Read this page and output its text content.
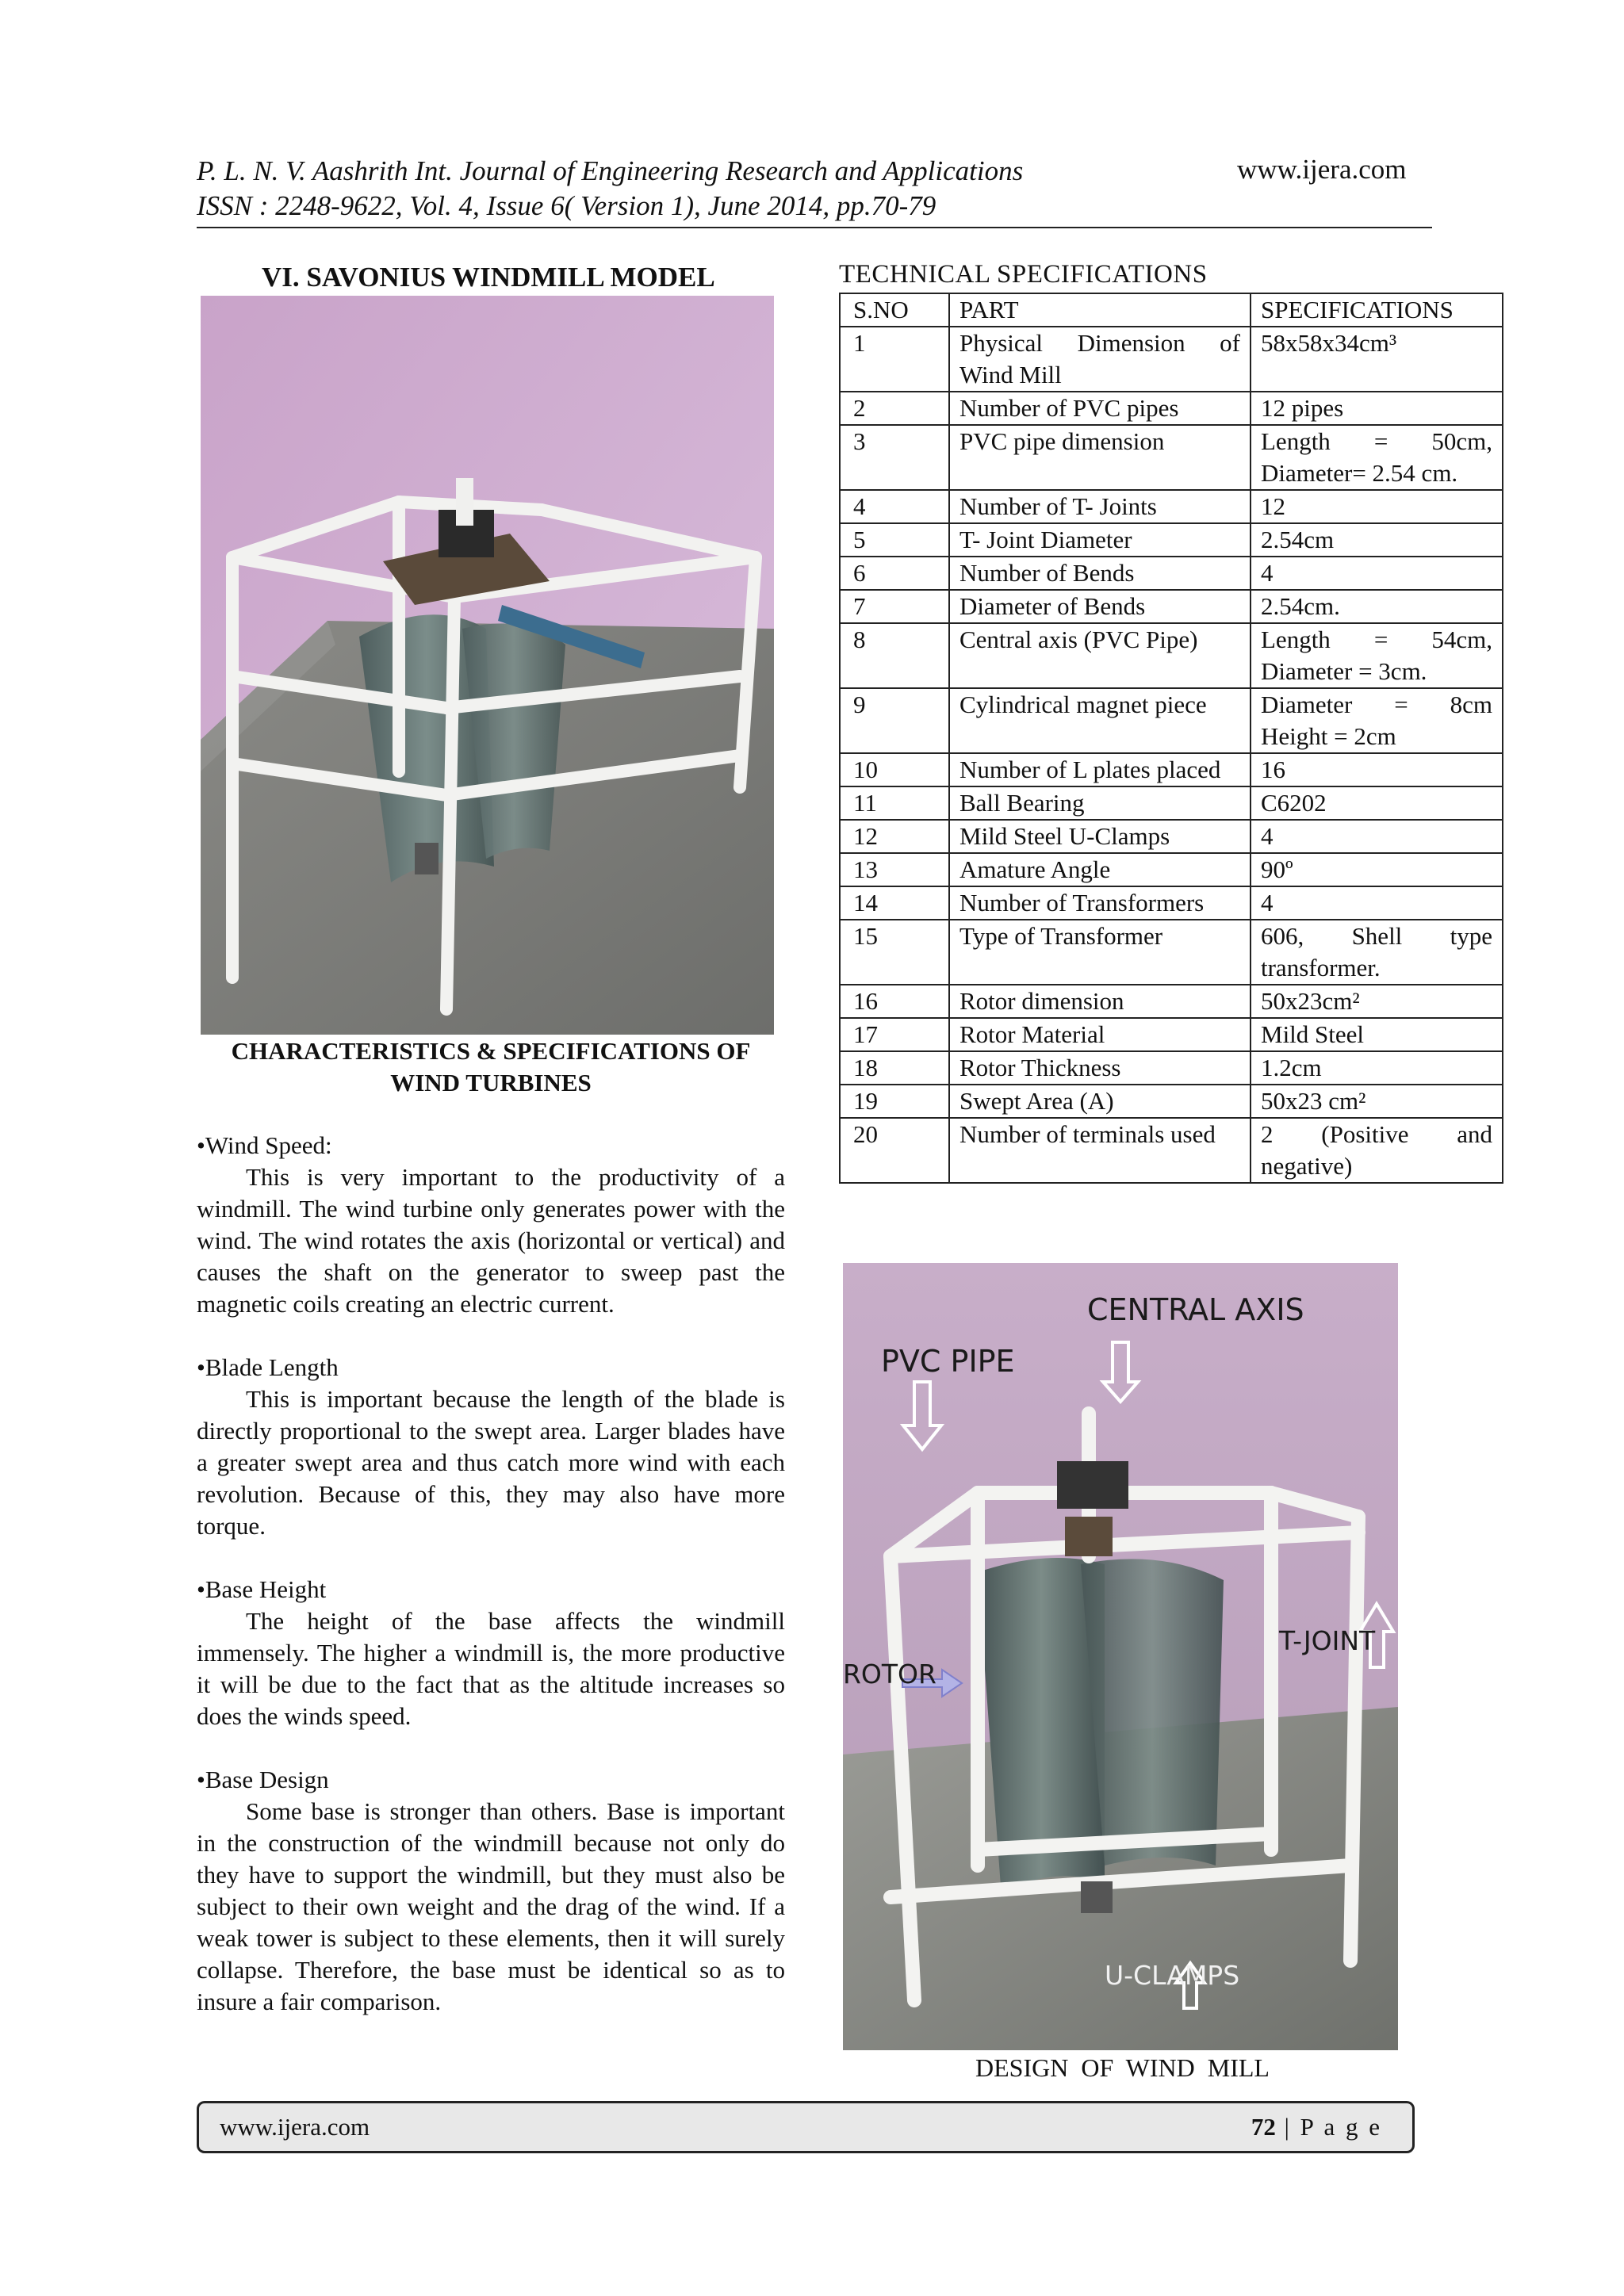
P. L. N. V. Aashrith Int. Journal of Engineering Research and Applications	www.ijera.com
ISSN : 2248-9622, Vol. 4, Issue 6( Version 1), June 2014, pp.70-79
VI. SAVONIUS WINDMILL MODEL
CHARACTERISTICS & SPECIFICATIONS OF
WIND TURBINES
•Wind Speed:
This is very important to the productivity of a windmill. The wind turbine only generates power with the wind. The wind rotates the axis (horizontal or vertical) and causes the shaft on the generator to sweep past the magnetic coils creating an electric current.
•Blade Length
This is important because the length of the blade is directly proportional to the swept area. Larger blades have a greater swept area and thus catch more wind with each revolution. Because of this, they may also have more torque.
•Base Height
The height of the base affects the windmill immensely. The higher a windmill is, the more productive it will be due to the fact that as the altitude increases so does the winds speed.
•Base Design
Some base is stronger than others. Base is important in the construction of the windmill because not only do they have to support the windmill, but they must also be subject to their own weight and the drag of the wind. If a weak tower is subject to these elements, then it will surely collapse. Therefore, the base must be identical so as to insure a fair comparison.
TECHNICAL SPECIFICATIONS
S.NO	PART	SPECIFICATIONS
1	Physical Dimension of Wind Mill	58x58x34cm³
2	Number of PVC pipes	12 pipes
3	PVC pipe dimension	Length = 50cm, Diameter= 2.54 cm.
4	Number of T- Joints	12
5	T- Joint Diameter	2.54cm
6	Number of Bends	4
7	Diameter of Bends	2.54cm.
8	Central axis (PVC Pipe)	Length = 54cm, Diameter = 3cm.
9	Cylindrical magnet piece	Diameter = 8cm Height = 2cm
10	Number of L plates placed	16
11	Ball Bearing	C6202
12	Mild Steel U-Clamps	4
13	Amature Angle	90º
14	Number of Transformers	4
15	Type of Transformer	606, Shell type transformer.
16	Rotor dimension	50x23cm²
17	Rotor Material	Mild Steel
18	Rotor Thickness	1.2cm
19	Swept Area (A)	50x23 cm²
20	Number of terminals used	2 (Positive and negative)
CENTRAL AXIS
PVC PIPE
T-JOINT
ROTOR
U-CLAMPS
DESIGN OF WIND MILL
www.ijera.com	72 | P a g e
